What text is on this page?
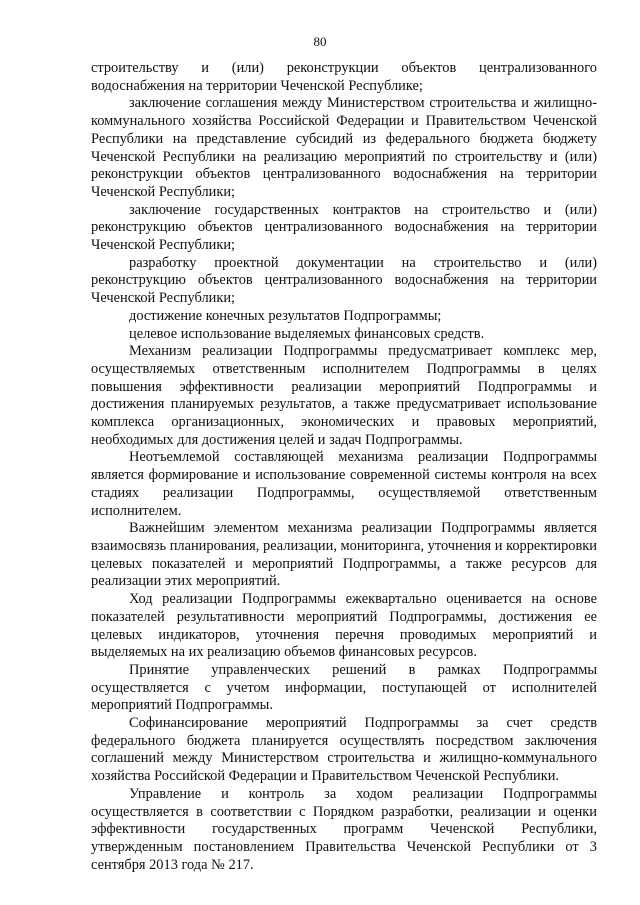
80

строительству и (или) реконструкции объектов централизованного водоснабжения на территории Чеченской Республике;

заключение соглашения между Министерством строительства и жилищно-коммунального хозяйства Российской Федерации и Правительством Чеченской Республики на представление субсидий из федерального бюджета бюджету Чеченской Республики на реализацию мероприятий по строительству и (или) реконструкции объектов централизованного водоснабжения на территории Чеченской Республики;

заключение государственных контрактов на строительство и (или) реконструкцию объектов централизованного водоснабжения на территории Чеченской Республики;

разработку проектной документации на строительство и (или) реконструкцию объектов централизованного водоснабжения на территории Чеченской Республики;

достижение конечных результатов Подпрограммы;

целевое использование выделяемых финансовых средств.

Механизм реализации Подпрограммы предусматривает комплекс мер, осуществляемых ответственным исполнителем Подпрограммы в целях повышения эффективности реализации мероприятий Подпрограммы и достижения планируемых результатов, а также предусматривает использование комплекса организационных, экономических и правовых мероприятий, необходимых для достижения целей и задач Подпрограммы.

Неотъемлемой составляющей механизма реализации Подпрограммы является формирование и использование современной системы контроля на всех стадиях реализации Подпрограммы, осуществляемой ответственным исполнителем.

Важнейшим элементом механизма реализации Подпрограммы является взаимосвязь планирования, реализации, мониторинга, уточнения и корректировки целевых показателей и мероприятий Подпрограммы, а также ресурсов для реализации этих мероприятий.

Ход реализации Подпрограммы ежеквартально оценивается на основе показателей результативности мероприятий Подпрограммы, достижения ее целевых индикаторов, уточнения перечня проводимых мероприятий и выделяемых на их реализацию объемов финансовых ресурсов.

Принятие управленческих решений в рамках Подпрограммы осуществляется с учетом информации, поступающей от исполнителей мероприятий Подпрограммы.

Софинансирование мероприятий Подпрограммы за счет средств федерального бюджета планируется осуществлять посредством заключения соглашений между Министерством строительства и жилищно-коммунального хозяйства Российской Федерации и Правительством Чеченской Республики.

Управление и контроль за ходом реализации Подпрограммы осуществляется в соответствии с Порядком разработки, реализации и оценки эффективности государственных программ Чеченской Республики, утвержденным постановлением Правительства Чеченской Республики от 3 сентября 2013 года № 217.
